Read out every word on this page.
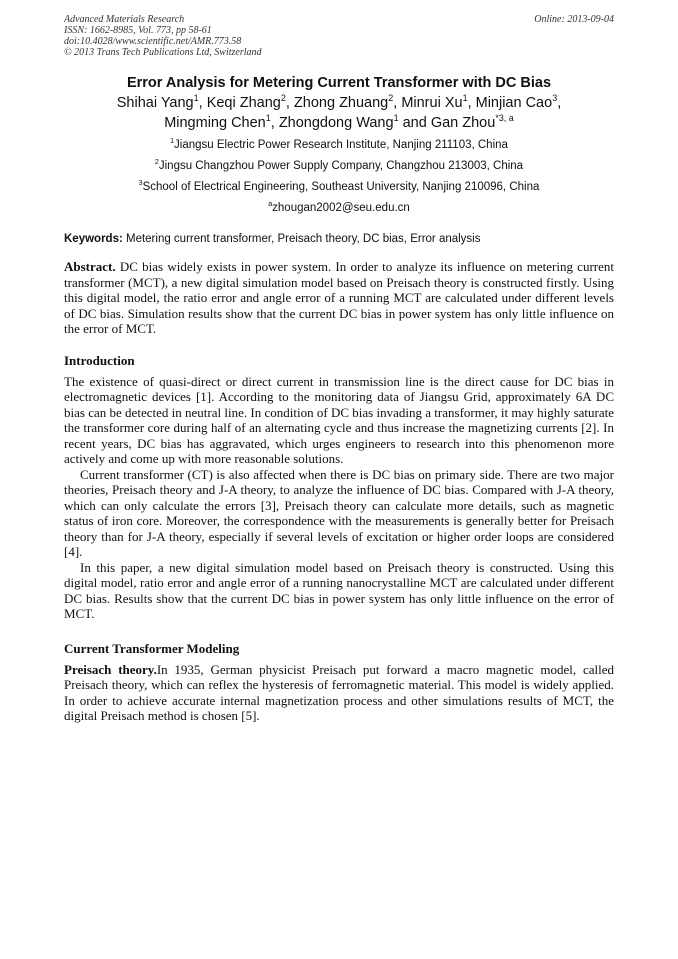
Advanced Materials Research
ISSN: 1662-8985, Vol. 773, pp 58-61
doi:10.4028/www.scientific.net/AMR.773.58
© 2013 Trans Tech Publications Ltd, Switzerland
Online: 2013-09-04
Error Analysis for Metering Current Transformer with DC Bias
Shihai Yang$^1$, Keqi Zhang$^2$, Zhong Zhuang$^2$, Minrui Xu$^1$, Minjian Cao$^3$,
Mingming Chen$^1$, Zhongdong Wang$^1$ and Gan Zhou$^{*3, a}$
$^1$Jiangsu Electric Power Research Institute, Nanjing 211103, China
$^2$Jingsu Changzhou Power Supply Company, Changzhou 213003, China
$^3$School of Electrical Engineering, Southeast University, Nanjing 210096, China
$^a$zhougan2002@seu.edu.cn
Keywords: Metering current transformer, Preisach theory, DC bias, Error analysis
Abstract. DC bias widely exists in power system. In order to analyze its influence on metering current transformer (MCT), a new digital simulation model based on Preisach theory is constructed firstly. Using this digital model, the ratio error and angle error of a running MCT are calculated under different levels of DC bias. Simulation results show that the current DC bias in power system has only little influence on the error of MCT.
Introduction

The existence of quasi-direct or direct current in transmission line is the direct cause for DC bias in electromagnetic devices [1]. According to the monitoring data of Jiangsu Grid, approximately 6A DC bias can be detected in neutral line. In condition of DC bias invading a transformer, it may highly saturate the transformer core during half of an alternating cycle and thus increase the magnetizing currents [2]. In recent years, DC bias has aggravated, which urges engineers to research into this phenomenon more actively and come up with more reasonable solutions.

Current transformer (CT) is also affected when there is DC bias on primary side. There are two major theories, Preisach theory and J-A theory, to analyze the influence of DC bias. Compared with J-A theory, which can only calculate the errors [3], Preisach theory can calculate more details, such as magnetic status of iron core. Moreover, the correspondence with the measurements is generally better for Preisach theory than for J-A theory, especially if several levels of excitation or higher order loops are considered [4].

In this paper, a new digital simulation model based on Preisach theory is constructed. Using this digital model, ratio error and angle error of a running nanocrystalline MCT are calculated under different DC bias. Results show that the current DC bias in power system has only little influence on the error of MCT.

Current Transformer Modeling

Preisach theory.In 1935, German physicist Preisach put forward a macro magnetic model, called Preisach theory, which can reflex the hysteresis of ferromagnetic material. This model is widely applied. In order to achieve accurate internal magnetization process and other simulations results of MCT, the digital Preisach method is chosen [5].
